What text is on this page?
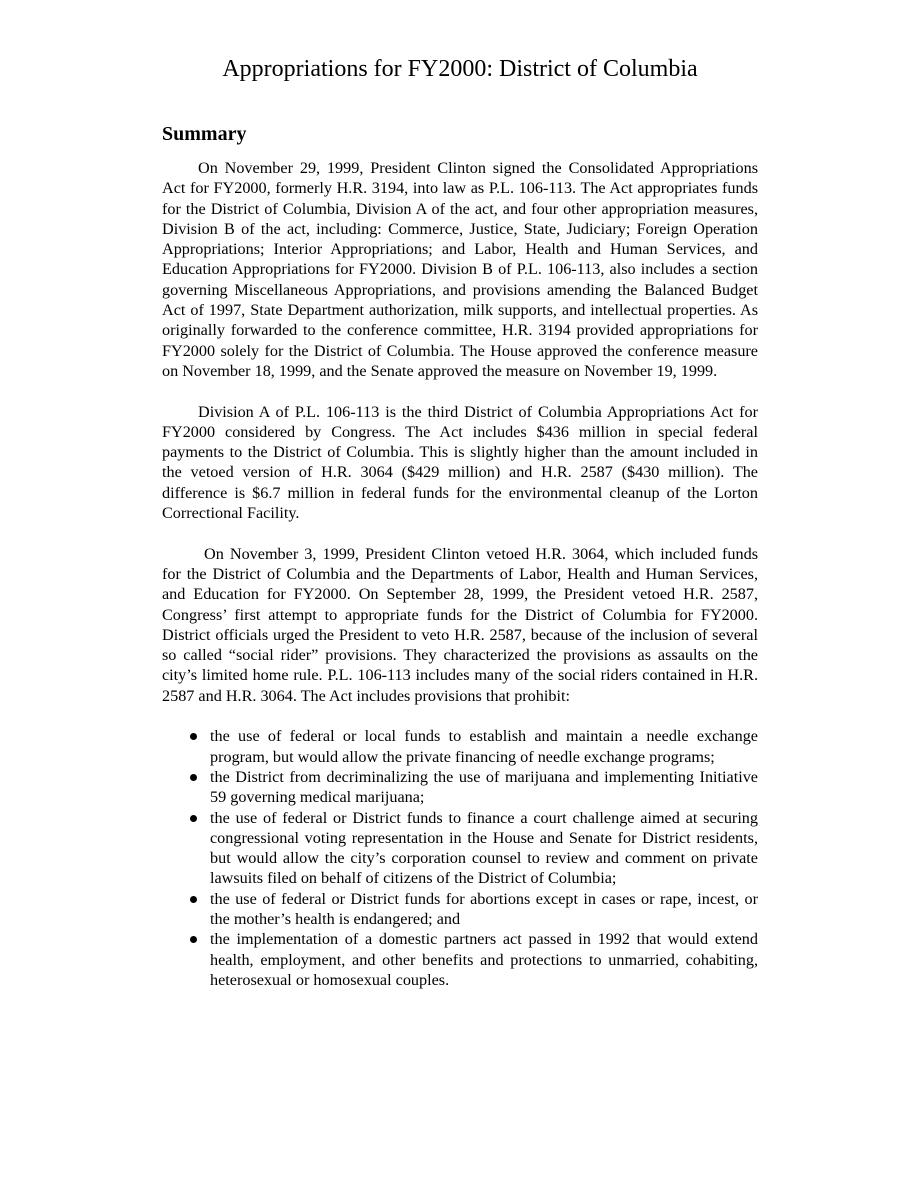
Appropriations for FY2000: District of Columbia
Summary

On November 29, 1999, President Clinton signed the Consolidated Appropriations Act for FY2000, formerly H.R. 3194, into law as P.L. 106-113. The Act appropriates funds for the District of Columbia, Division A of the act, and four other appropriation measures, Division B of the act, including: Commerce, Justice, State, Judiciary; Foreign Operation Appropriations; Interior Appropriations; and Labor, Health and Human Services, and Education Appropriations for FY2000. Division B of P.L. 106-113, also includes a section governing Miscellaneous Appropriations, and provisions amending the Balanced Budget Act of 1997, State Department authorization, milk supports, and intellectual properties. As originally forwarded to the conference committee, H.R. 3194 provided appropriations for FY2000 solely for the District of Columbia. The House approved the conference measure on November 18, 1999, and the Senate approved the measure on November 19, 1999.

Division A of P.L. 106-113 is the third District of Columbia Appropriations Act for FY2000 considered by Congress. The Act includes $436 million in special federal payments to the District of Columbia. This is slightly higher than the amount included in the vetoed version of H.R. 3064 ($429 million) and H.R. 2587 ($430 million). The difference is $6.7 million in federal funds for the environmental cleanup of the Lorton Correctional Facility.

On November 3, 1999, President Clinton vetoed H.R. 3064, which included funds for the District of Columbia and the Departments of Labor, Health and Human Services, and Education for FY2000. On September 28, 1999, the President vetoed H.R. 2587, Congress’ first attempt to appropriate funds for the District of Columbia for FY2000. District officials urged the President to veto H.R. 2587, because of the inclusion of several so called “social rider” provisions. They characterized the provisions as assaults on the city’s limited home rule. P.L. 106-113 includes many of the social riders contained in H.R. 2587 and H.R. 3064. The Act includes provisions that prohibit:

the use of federal or local funds to establish and maintain a needle exchange program, but would allow the private financing of needle exchange programs;
the District from decriminalizing the use of marijuana and implementing Initiative 59 governing medical marijuana;
the use of federal or District funds to finance a court challenge aimed at securing congressional voting representation in the House and Senate for District residents, but would allow the city’s corporation counsel to review and comment on private lawsuits filed on behalf of citizens of the District of Columbia;
the use of federal or District funds for abortions except in cases or rape, incest, or the mother’s health is endangered; and
the implementation of a domestic partners act passed in 1992 that would extend health, employment, and other benefits and protections to unmarried, cohabiting, heterosexual or homosexual couples.
